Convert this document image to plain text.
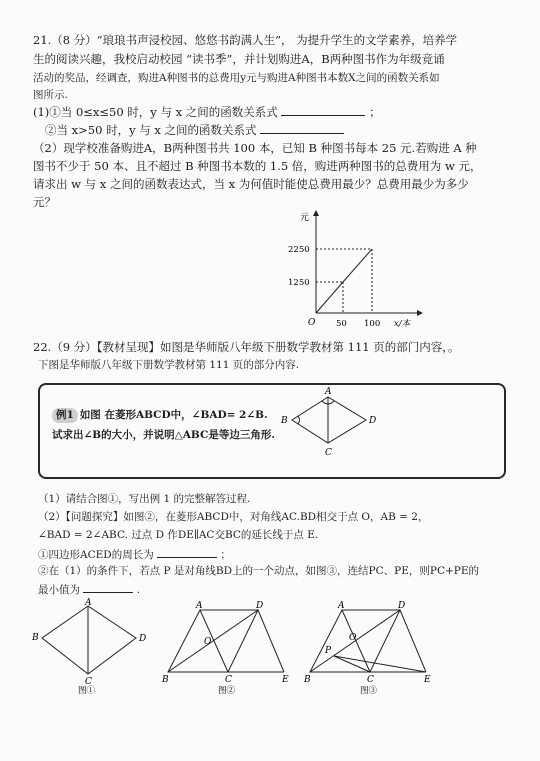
21.（8 分）“琅琅书声浸校园、悠悠书韵满人生”， 为提升学生的文学素养，培养学
生的阅读兴趣，我校启动校园 “读书季”，并计划购进A，B两种图书作为年级竞诵
活动的奖品，经调查，购进A种图书的总费用y元与购进A种图书本数X之间的函数关系如
图所示.
(1)①当 0≤x≤50 时，y 与 x 之间的函数关系式	；
②当 x>50 时，y 与 x 之间的函数关系式
（2）现学校准备购进A，B两种图书共 100 本，已知 B 种图书每本 25 元.若购进 A 种
图书不少于 50 本、且不超过 B 种图书本数的 1.5 倍，购进两种图书的总费用为 w 元，
请求出 w 与 x 之间的函数表达式，当 x 为何值时能使总费用最少？总费用最少为多少
元？
元
2250
1250
O 50 100 x/本
22.（9 分）【教材呈现】如图是华师版八年级下册数学教材第 111 页的部门内容，。
下图是华师版八年级下册数学教材第 111 页的部分内容.
例1 如图 在菱形ABCD中，∠BAD= 2∠B.
试求出∠B的大小，并说明△ABC是等边三角形.
A
B
C
D
（1）请结合图①，写出例 1 的完整解答过程.
（2）【问题探究】如图②，在菱形ABCD中，对角线AC.BD相交于点 O，AB = 2，
∠BAD = 2∠ABC. 过点 D 作DE∥AC交BC的延长线于点 E.
①四边形ACED的周长为	；
②在（1）的条件下，若点 P 是对角线BD上的一个动点，如图③，连结PC、PE，则PC+PE的
最小值为	.
A
B
C
D
图①
A	D
O
B	C	E
图②
A	D
O
P
B	C	E
图③
